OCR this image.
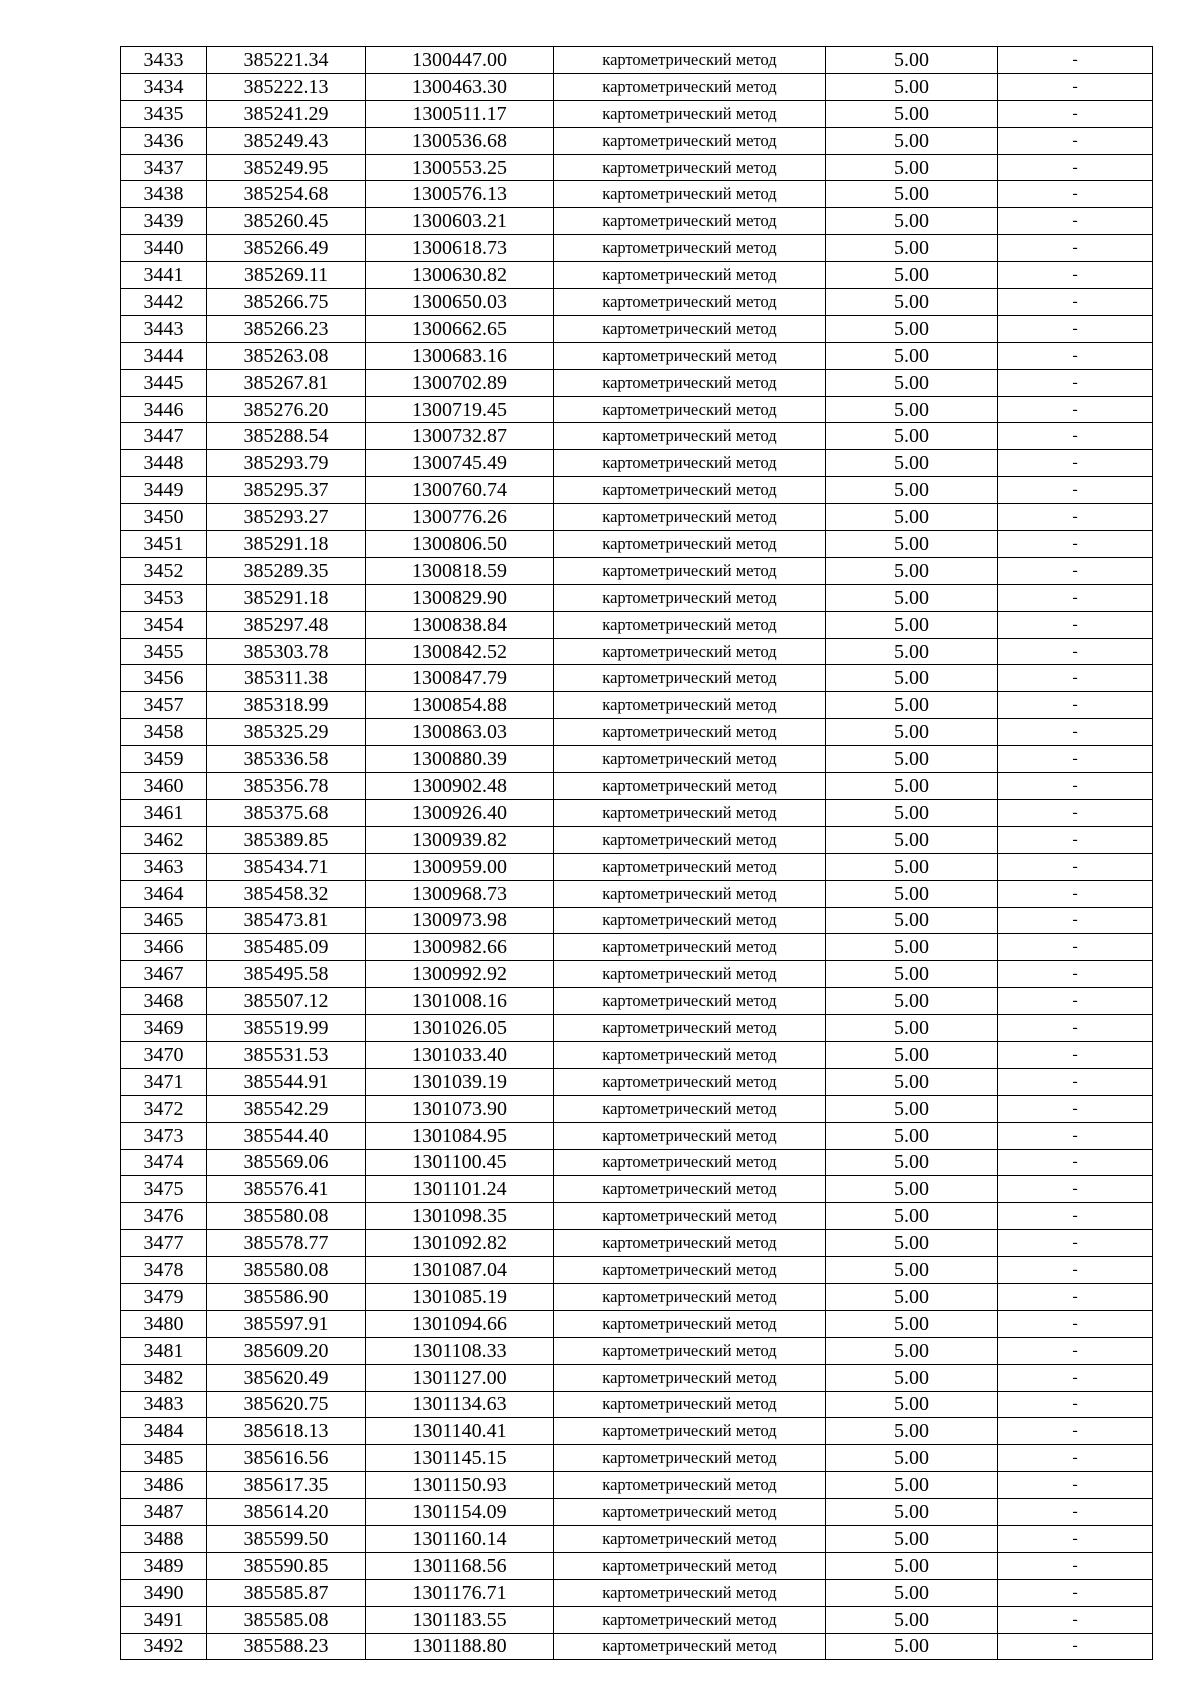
3433	385221.34	1300447.00	картометрический метод	5.00	-
3434	385222.13	1300463.30	картометрический метод	5.00	-
3435	385241.29	1300511.17	картометрический метод	5.00	-
3436	385249.43	1300536.68	картометрический метод	5.00	-
3437	385249.95	1300553.25	картометрический метод	5.00	-
3438	385254.68	1300576.13	картометрический метод	5.00	-
3439	385260.45	1300603.21	картометрический метод	5.00	-
3440	385266.49	1300618.73	картометрический метод	5.00	-
3441	385269.11	1300630.82	картометрический метод	5.00	-
3442	385266.75	1300650.03	картометрический метод	5.00	-
3443	385266.23	1300662.65	картометрический метод	5.00	-
3444	385263.08	1300683.16	картометрический метод	5.00	-
3445	385267.81	1300702.89	картометрический метод	5.00	-
3446	385276.20	1300719.45	картометрический метод	5.00	-
3447	385288.54	1300732.87	картометрический метод	5.00	-
3448	385293.79	1300745.49	картометрический метод	5.00	-
3449	385295.37	1300760.74	картометрический метод	5.00	-
3450	385293.27	1300776.26	картометрический метод	5.00	-
3451	385291.18	1300806.50	картометрический метод	5.00	-
3452	385289.35	1300818.59	картометрический метод	5.00	-
3453	385291.18	1300829.90	картометрический метод	5.00	-
3454	385297.48	1300838.84	картометрический метод	5.00	-
3455	385303.78	1300842.52	картометрический метод	5.00	-
3456	385311.38	1300847.79	картометрический метод	5.00	-
3457	385318.99	1300854.88	картометрический метод	5.00	-
3458	385325.29	1300863.03	картометрический метод	5.00	-
3459	385336.58	1300880.39	картометрический метод	5.00	-
3460	385356.78	1300902.48	картометрический метод	5.00	-
3461	385375.68	1300926.40	картометрический метод	5.00	-
3462	385389.85	1300939.82	картометрический метод	5.00	-
3463	385434.71	1300959.00	картометрический метод	5.00	-
3464	385458.32	1300968.73	картометрический метод	5.00	-
3465	385473.81	1300973.98	картометрический метод	5.00	-
3466	385485.09	1300982.66	картометрический метод	5.00	-
3467	385495.58	1300992.92	картометрический метод	5.00	-
3468	385507.12	1301008.16	картометрический метод	5.00	-
3469	385519.99	1301026.05	картометрический метод	5.00	-
3470	385531.53	1301033.40	картометрический метод	5.00	-
3471	385544.91	1301039.19	картометрический метод	5.00	-
3472	385542.29	1301073.90	картометрический метод	5.00	-
3473	385544.40	1301084.95	картометрический метод	5.00	-
3474	385569.06	1301100.45	картометрический метод	5.00	-
3475	385576.41	1301101.24	картометрический метод	5.00	-
3476	385580.08	1301098.35	картометрический метод	5.00	-
3477	385578.77	1301092.82	картометрический метод	5.00	-
3478	385580.08	1301087.04	картометрический метод	5.00	-
3479	385586.90	1301085.19	картометрический метод	5.00	-
3480	385597.91	1301094.66	картометрический метод	5.00	-
3481	385609.20	1301108.33	картометрический метод	5.00	-
3482	385620.49	1301127.00	картометрический метод	5.00	-
3483	385620.75	1301134.63	картометрический метод	5.00	-
3484	385618.13	1301140.41	картометрический метод	5.00	-
3485	385616.56	1301145.15	картометрический метод	5.00	-
3486	385617.35	1301150.93	картометрический метод	5.00	-
3487	385614.20	1301154.09	картометрический метод	5.00	-
3488	385599.50	1301160.14	картометрический метод	5.00	-
3489	385590.85	1301168.56	картометрический метод	5.00	-
3490	385585.87	1301176.71	картометрический метод	5.00	-
3491	385585.08	1301183.55	картометрический метод	5.00	-
3492	385588.23	1301188.80	картометрический метод	5.00	-
